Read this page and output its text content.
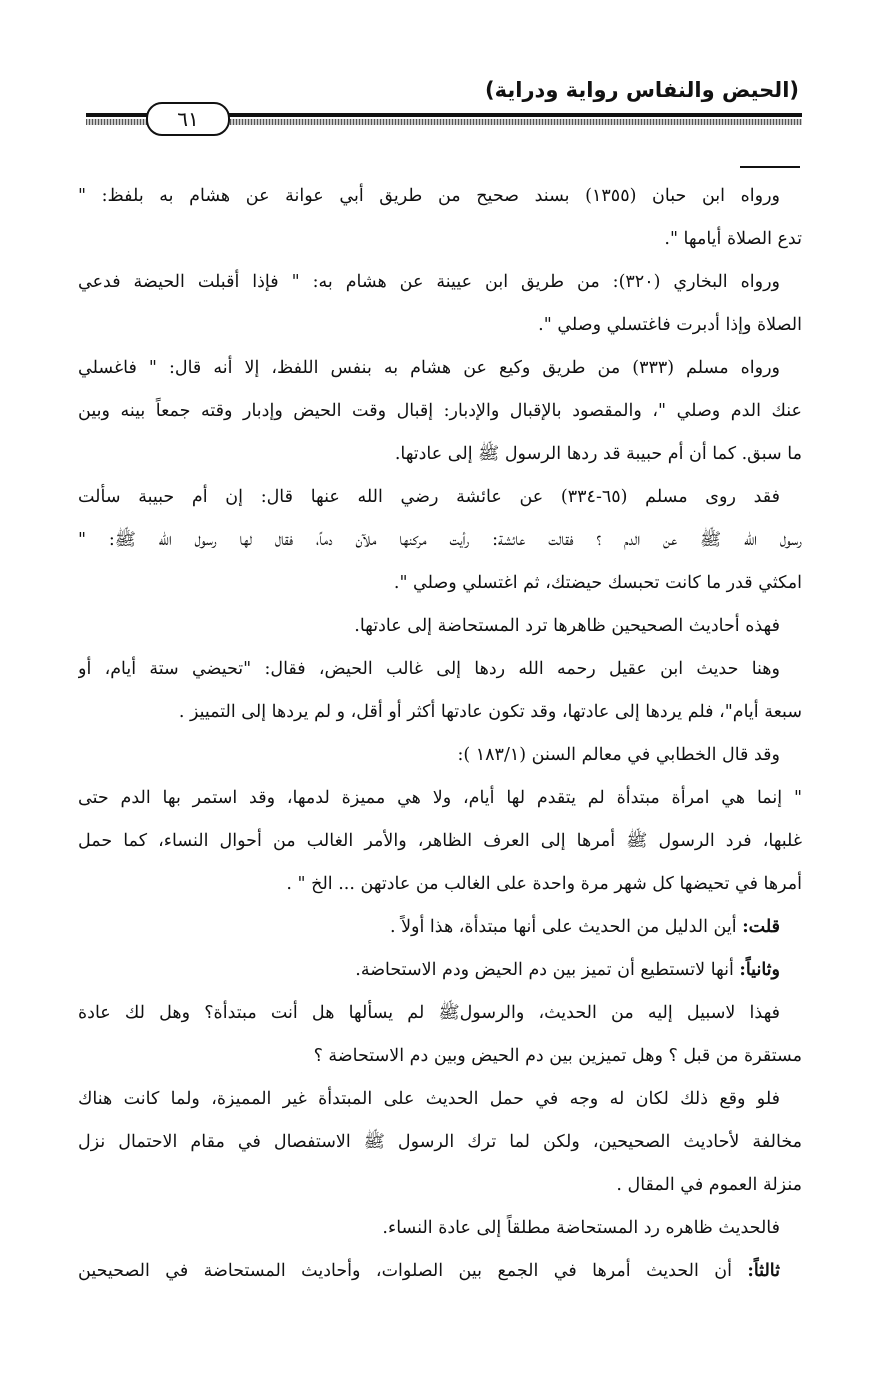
(الحيض والنفاس رواية ودراية)
٦١
ورواه ابن حبان (١٣٥٥) بسند صحيح من طريق أبي عوانة عن هشام به بلفظ: "
تدع الصلاة أيامها ".
ورواه البخاري (٣٢٠): من طريق ابن عيينة عن هشام به: " فإذا أقبلت الحيضة فدعي
الصلاة وإذا أدبرت فاغتسلي وصلي ".
ورواه مسلم (٣٣٣) من طريق وكيع عن هشام به بنفس اللفظ، إلا أنه قال: " فاغسلي
عنك الدم وصلي "، والمقصود بالإقبال والإدبار: إقبال وقت الحيض وإدبار وقته جمعاً بينه وبين
ما سبق. كما أن أم حبيبة قد ردها الرسول ﷺ إلى عادتها.
فقد روى مسلم (٦٥-٣٣٤) عن عائشة رضي الله عنها قال: إن أم حبيبة سألت
رسول الله ﷺ عن الدم ؟ فقالت عائشة: رأيت مركنها ملآن دماً، فقال لها رسول الله ﷺ: "
امكثي قدر ما كانت تحبسك حيضتك، ثم اغتسلي وصلي ".
فهذه أحاديث الصحيحين ظاهرها ترد المستحاضة إلى عادتها.
وهنا حديث ابن عقيل رحمه الله ردها إلى غالب الحيض، فقال: "تحيضي ستة أيام، أو
سبعة أيام"، فلم يردها إلى عادتها، وقد تكون عادتها أكثر أو أقل، و لم يردها إلى التمييز .
وقد قال الخطابي في معالم السنن (١٨٣/١ ):
" إنما هي امرأة مبتدأة لم يتقدم لها أيام، ولا هي مميزة لدمها، وقد استمر بها الدم حتى
غلبها، فرد الرسول ﷺ أمرها إلى العرف الظاهر، والأمر الغالب من أحوال النساء، كما حمل
أمرها في تحيضها كل شهر مرة واحدة على الغالب من عادتهن ... الخ " .
قلت: أين الدليل من الحديث على أنها مبتدأة، هذا أولاً .
وثانياً: أنها لاتستطيع أن تميز بين دم الحيض ودم الاستحاضة.
فهذا لاسبيل إليه من الحديث، والرسولﷺ لم يسألها هل أنت مبتدأة؟ وهل لك عادة
مستقرة من قبل ؟ وهل تميزين بين دم الحيض وبين دم الاستحاضة ؟
فلو وقع ذلك لكان له وجه في حمل الحديث على المبتدأة غير المميزة، ولما كانت هناك
مخالفة لأحاديث الصحيحين، ولكن لما ترك الرسول ﷺ الاستفصال في مقام الاحتمال نزل
منزلة العموم في المقال .
فالحديث ظاهره رد المستحاضة مطلقاً إلى عادة النساء.
ثالثاً: أن الحديث أمرها في الجمع بين الصلوات، وأحاديث المستحاضة في الصحيحين
